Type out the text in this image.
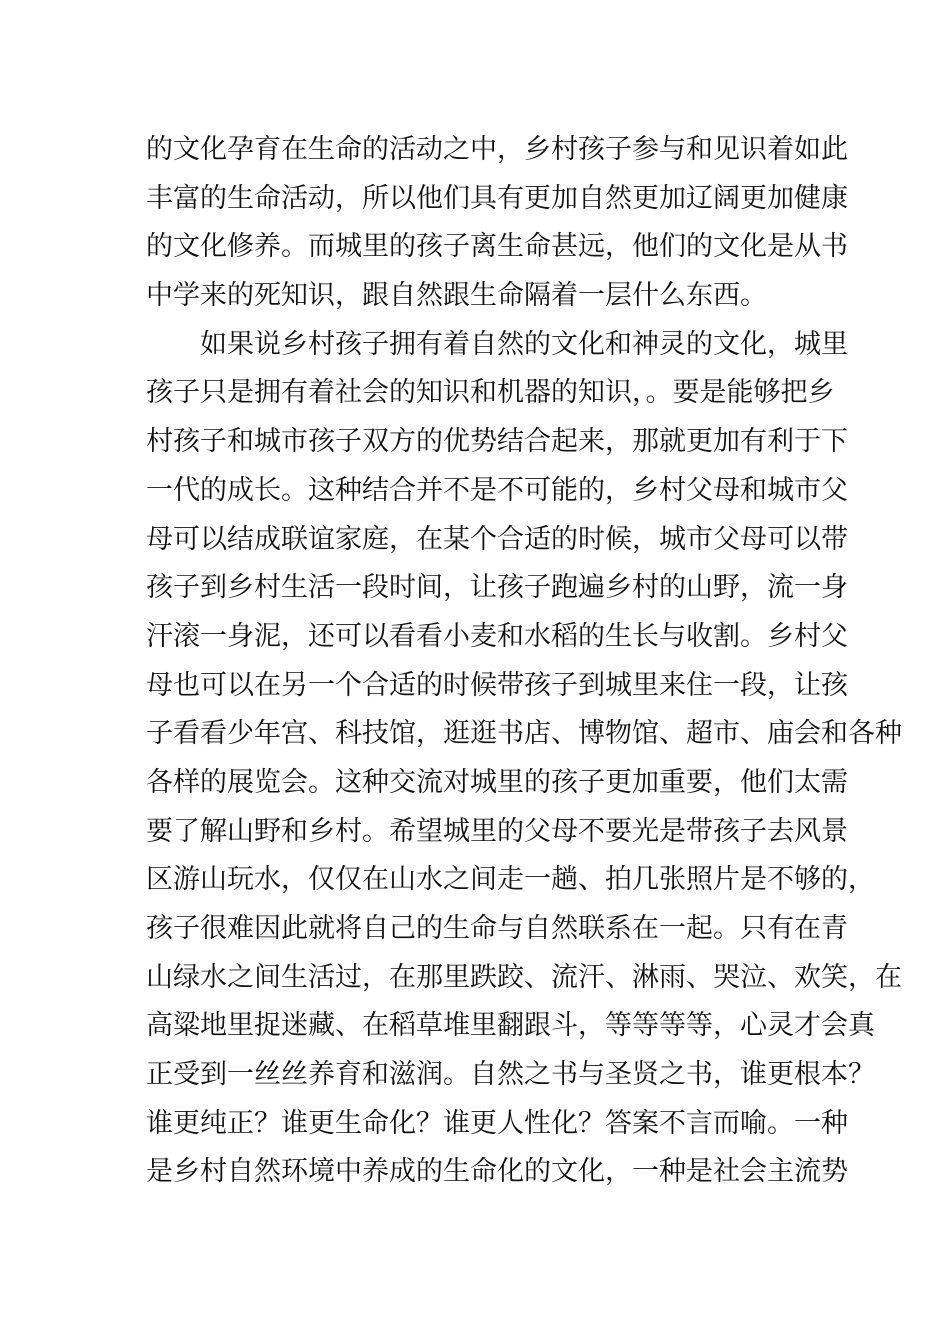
的文化孕育在生命的活动之中，乡村孩子参与和见识着如此
丰富的生命活动，所以他们具有更加自然更加辽阔更加健康
的文化修养。而城里的孩子离生命甚远，他们的文化是从书
中学来的死知识，跟自然跟生命隔着一层什么东西。
如果说乡村孩子拥有着自然的文化和神灵的文化，城里
孩子只是拥有着社会的知识和机器的知识，。要是能够把乡
村孩子和城市孩子双方的优势结合起来，那就更加有利于下
一代的成长。这种结合并不是不可能的，乡村父母和城市父
母可以结成联谊家庭，在某个合适的时候，城市父母可以带
孩子到乡村生活一段时间，让孩子跑遍乡村的山野，流一身
汗滚一身泥，还可以看看小麦和水稻的生长与收割。乡村父
母也可以在另一个合适的时候带孩子到城里来住一段，让孩
子看看少年宫、科技馆，逛逛书店、博物馆、超市、庙会和各种
各样的展览会。这种交流对城里的孩子更加重要，他们太需
要了解山野和乡村。希望城里的父母不要光是带孩子去风景
区游山玩水，仅仅在山水之间走一趟、拍几张照片是不够的，
孩子很难因此就将自己的生命与自然联系在一起。只有在青
山绿水之间生活过，在那里跌跤、流汗、淋雨、哭泣、欢笑，在
高粱地里捉迷藏、在稻草堆里翻跟斗，等等等等，心灵才会真
正受到一丝丝养育和滋润。自然之书与圣贤之书，谁更根本？
谁更纯正？谁更生命化？谁更人性化？答案不言而喻。一种
是乡村自然环境中养成的生命化的文化，一种是社会主流势
